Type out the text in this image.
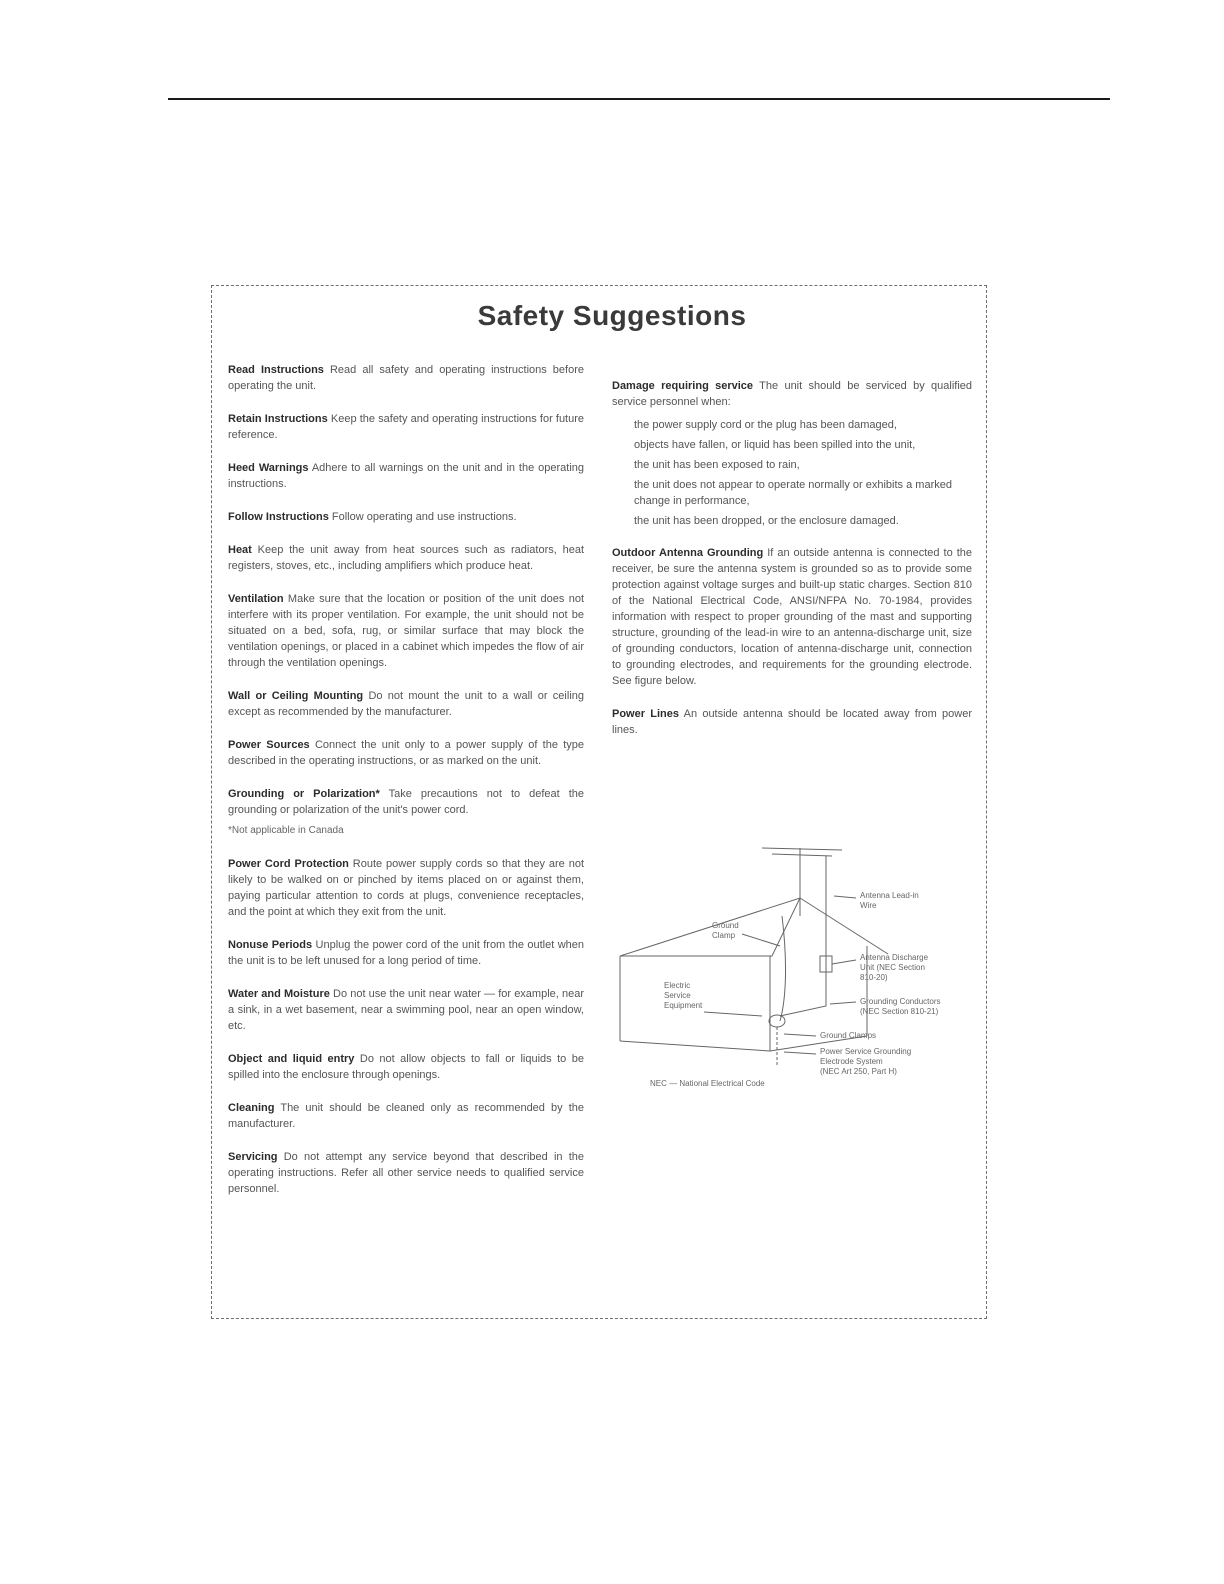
Safety Suggestions

Read Instructions Read all safety and operating instructions before operating the unit.

Retain Instructions Keep the safety and operating instructions for future reference.

Heed Warnings Adhere to all warnings on the unit and in the operating instructions.

Follow Instructions Follow operating and use instructions.

Heat Keep the unit away from heat sources such as radiators, heat registers, stoves, etc., including amplifiers which produce heat.

Ventilation Make sure that the location or position of the unit does not interfere with its proper ventilation. For example, the unit should not be situated on a bed, sofa, rug, or similar surface that may block the ventilation openings, or placed in a cabinet which impedes the flow of air through the ventilation openings.

Wall or Ceiling Mounting Do not mount the unit to a wall or ceiling except as recommended by the manufacturer.

Power Sources Connect the unit only to a power supply of the type described in the operating instructions, or as marked on the unit.

Grounding or Polarization* Take precautions not to defeat the grounding or polarization of the unit's power cord.

*Not applicable in Canada

Power Cord Protection Route power supply cords so that they are not likely to be walked on or pinched by items placed on or against them, paying particular attention to cords at plugs, convenience receptacles, and the point at which they exit from the unit.

Nonuse Periods Unplug the power cord of the unit from the outlet when the unit is to be left unused for a long period of time.

Water and Moisture Do not use the unit near water — for example, near a sink, in a wet basement, near a swimming pool, near an open window, etc.

Object and liquid entry Do not allow objects to fall or liquids to be spilled into the enclosure through openings.

Cleaning The unit should be cleaned only as recommended by the manufacturer.

Servicing Do not attempt any service beyond that described in the operating instructions. Refer all other service needs to qualified service personnel.

Damage requiring service The unit should be serviced by qualified service personnel when:

the power supply cord or the plug has been damaged,
objects have fallen, or liquid has been spilled into the unit,
the unit has been exposed to rain,
the unit does not appear to operate normally or exhibits a marked change in performance,
the unit has been dropped, or the enclosure damaged.

Outdoor Antenna Grounding If an outside antenna is connected to the receiver, be sure the antenna system is grounded so as to provide some protection against voltage surges and built-up static charges. Section 810 of the National Electrical Code, ANSI/NFPA No. 70-1984, provides information with respect to proper grounding of the mast and supporting structure, grounding of the lead-in wire to an antenna-discharge unit, size of grounding conductors, location of antenna-discharge unit, connection to grounding electrodes, and requirements for the grounding electrode. See figure below.

Power Lines An outside antenna should be located away from power lines.

Antenna Lead-in
Wire
Ground
Clamp
Antenna Discharge
Unit (NEC Section
810-20)
Electric
Service
Equipment	Grounding Conductors
(NEC Section 810-21)
Ground Clamps
Power Service Grounding
Electrode System
(NEC Art 250, Part H)
NEC — National Electrical Code
